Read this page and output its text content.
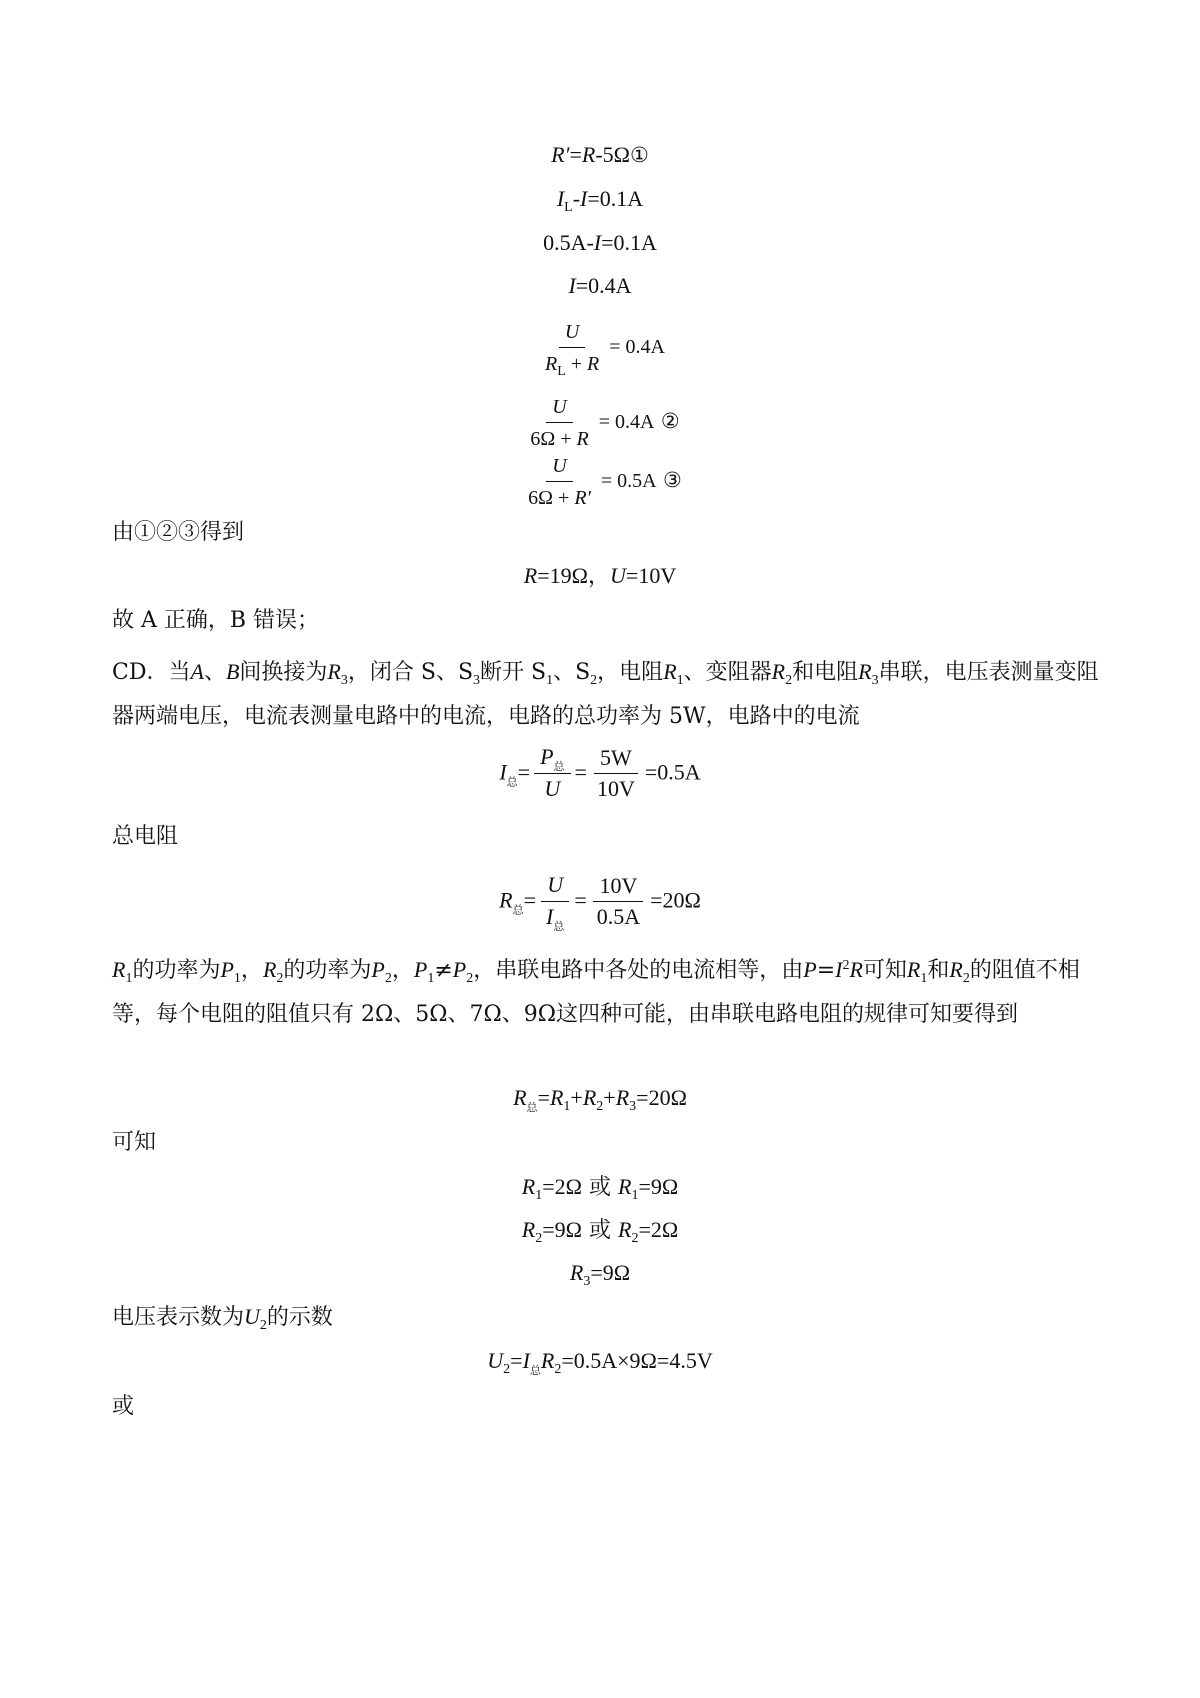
R′=R-5Ω①
$I_L-I=0.1A$
0.5A-I=0.1A
I=0.4A
$\frac{U}{R_L + R} = 0.4A$
$\frac{U}{6\Omega + R} = 0.4A$ ②
$\frac{U}{6\Omega + R'} = 0.5A$ ③
由①②③得到
R=19Ω，U=10V
故 A 正确，B 错误；
CD．当A、B间换接为$R_3$，闭合 S、$S_3$断开 $S_1$、$S_2$，电阻$R_1$、变阻器$R_2$和电阻$R_3$串联，电压表测量变阻器两端电压，电流表测量电路中的电流，电路的总功率为 5W，电路中的电流
$I_总= \frac{P_总}{U} = \frac{5W}{10V} =0.5A$
总电阻
$R_总= \frac{U}{I_总} = \frac{10V}{0.5A} =20\Omega$
$R_1$的功率为$P_1$，$R_2$的功率为$P_2$，$P_1\ne P_2$，串联电路中各处的电流相等，由$P=I^2R$可知$R_1$和$R_2$的阻值不相等，每个电阻的阻值只有 2Ω、5Ω、7Ω、9Ω这四种可能，由串联电路电阻的规律可知要得到
$R_总=R_1+R_2+R_3=20\Omega$
可知
$R_1=2\Omega$ 或 $R_1=9\Omega$
$R_2=9\Omega$ 或 $R_2=2\Omega$
$R_3=9\Omega$
电压表示数为$U_2$的示数
$U_2=I_总R_2=0.5A\times 9\Omega=4.5V$
或
